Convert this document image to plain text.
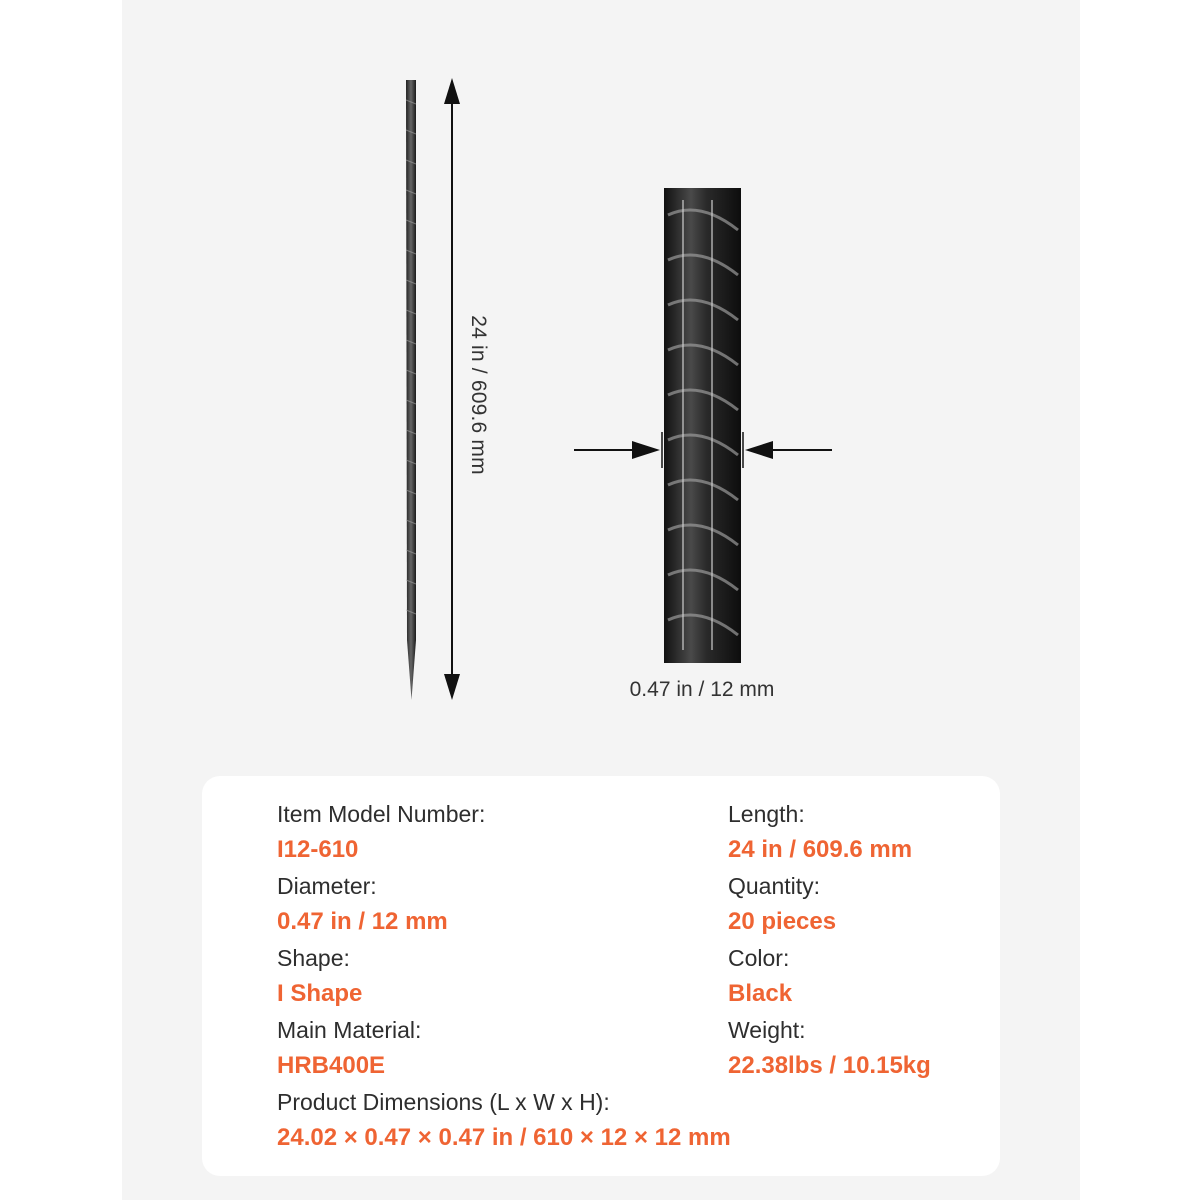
24 in / 609.6 mm
0.47 in / 12 mm
Item Model Number:
I12-610
Diameter:
0.47 in / 12 mm
Shape:
I Shape
Main Material:
HRB400E
Product Dimensions (L x W x H):
24.02 × 0.47 × 0.47 in / 610 × 12 × 12 mm
Length:
24 in / 609.6 mm
Quantity:
20 pieces
Color:
Black
Weight:
22.38lbs / 10.15kg
